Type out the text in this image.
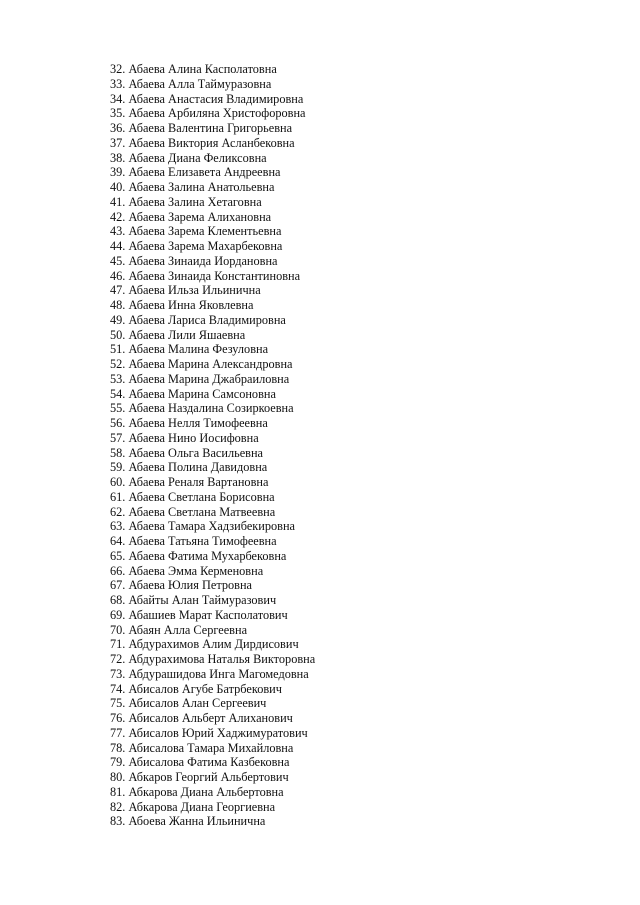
32. Абаева Алина Касполатовна
33. Абаева Алла Таймуразовна
34. Абаева Анастасия Владимировна
35. Абаева Арбиляна Христофоровна
36. Абаева Валентина Григорьевна
37. Абаева Виктория Асланбековна
38. Абаева Диана Феликсовна
39. Абаева Елизавета Андреевна
40. Абаева Залина Анатольевна
41. Абаева Залина Хетаговна
42. Абаева Зарема Алихановна
43. Абаева Зарема Клементьевна
44. Абаева Зарема Махарбековна
45. Абаева Зинаида Иордановна
46. Абаева Зинаида Константиновна
47. Абаева Ильза Ильинична
48. Абаева Инна Яковлевна
49. Абаева Лариса Владимировна
50. Абаева Лили Яшаевна
51. Абаева Малина Фезуловна
52. Абаева Марина Александровна
53. Абаева Марина Джабраиловна
54. Абаева Марина Самсоновна
55. Абаева Наздалина Созиркоевна
56. Абаева Нелля Тимофеевна
57. Абаева Нино Иосифовна
58. Абаева Ольга Васильевна
59. Абаева Полина Давидовна
60. Абаева Реналя Вартановна
61. Абаева Светлана Борисовна
62. Абаева Светлана Матвеевна
63. Абаева Тамара Хадзибекировна
64. Абаева Татьяна Тимофеевна
65. Абаева Фатима Мухарбековна
66. Абаева Эмма Керменовна
67. Абаева Юлия Петровна
68. Абайты Алан Таймуразович
69. Абашиев Марат Касполатович
70. Абаян Алла Сергеевна
71. Абдурахимов Алим Дирдисович
72. Абдурахимова Наталья Викторовна
73. Абдурашидова Инга Магомедовна
74. Абисалов Агубе Батрбекович
75. Абисалов Алан Сергеевич
76. Абисалов Альберт Алиханович
77. Абисалов Юрий Хаджимуратович
78. Абисалова Тамара Михайловна
79. Абисалова Фатима Казбековна
80. Абкаров Георгий Альбертович
81. Абкарова Диана Альбертовна
82. Абкарова Диана Георгиевна
83. Абоева Жанна Ильинична
